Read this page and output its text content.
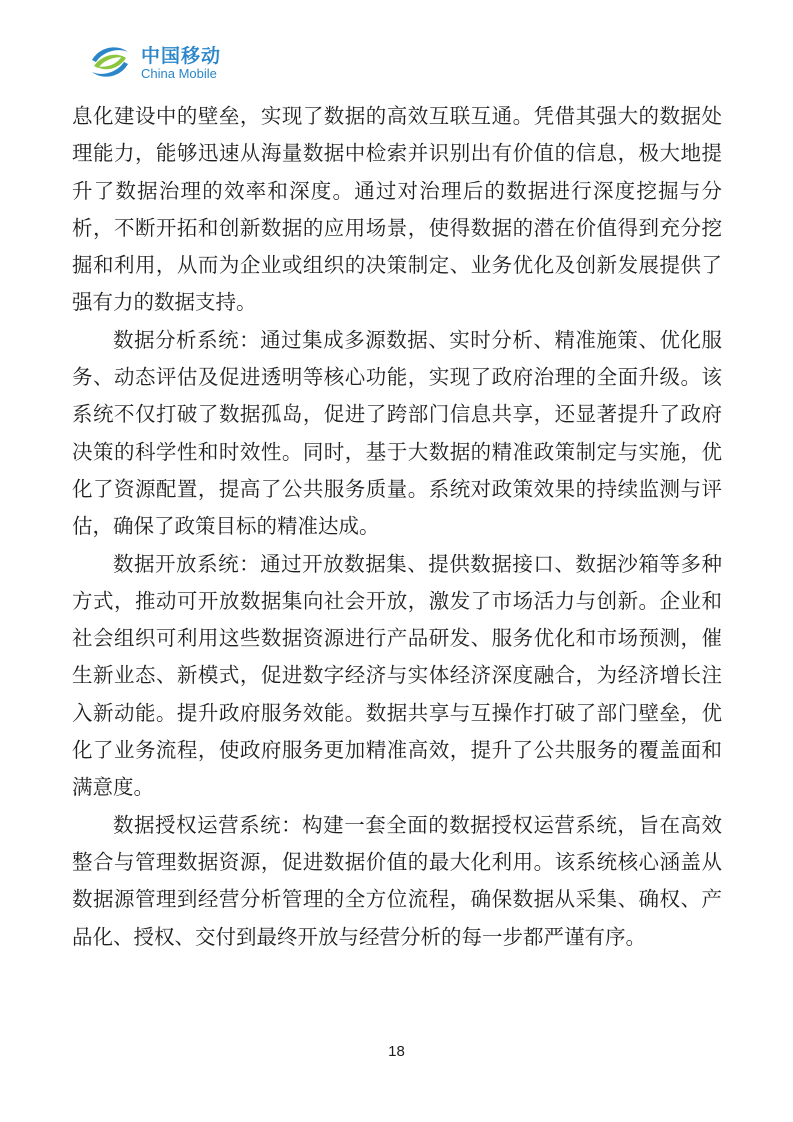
中国移动
China Mobile

息化建设中的壁垒，实现了数据的高效互联互通。凭借其强大的数据处理能力，能够迅速从海量数据中检索并识别出有价值的信息，极大地提升了数据治理的效率和深度。通过对治理后的数据进行深度挖掘与分析，不断开拓和创新数据的应用场景，使得数据的潜在价值得到充分挖掘和利用，从而为企业或组织的决策制定、业务优化及创新发展提供了强有力的数据支持。

数据分析系统：通过集成多源数据、实时分析、精准施策、优化服务、动态评估及促进透明等核心功能，实现了政府治理的全面升级。该系统不仅打破了数据孤岛，促进了跨部门信息共享，还显著提升了政府决策的科学性和时效性。同时，基于大数据的精准政策制定与实施，优化了资源配置，提高了公共服务质量。系统对政策效果的持续监测与评估，确保了政策目标的精准达成。

数据开放系统：通过开放数据集、提供数据接口、数据沙箱等多种方式，推动可开放数据集向社会开放，激发了市场活力与创新。企业和社会组织可利用这些数据资源进行产品研发、服务优化和市场预测，催生新业态、新模式，促进数字经济与实体经济深度融合，为经济增长注入新动能。提升政府服务效能。数据共享与互操作打破了部门壁垒，优化了业务流程，使政府服务更加精准高效，提升了公共服务的覆盖面和满意度。

数据授权运营系统：构建一套全面的数据授权运营系统，旨在高效整合与管理数据资源，促进数据价值的最大化利用。该系统核心涵盖从数据源管理到经营分析管理的全方位流程，确保数据从采集、确权、产品化、授权、交付到最终开放与经营分析的每一步都严谨有序。

18
